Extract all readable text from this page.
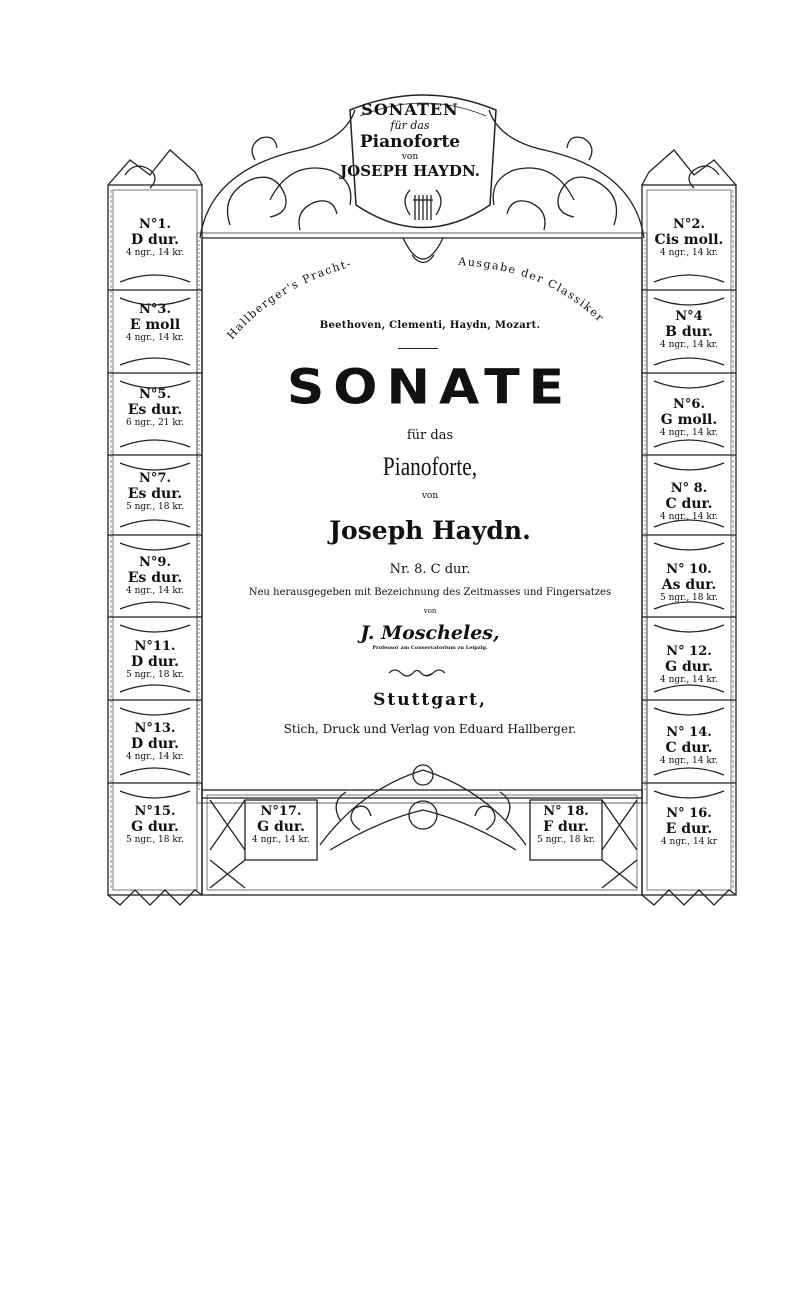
SONATEN
für das
Pianoforte
von
JOSEPH HAYDN.
Hallberger's Pracht-	Ausgabe der Classiker
N°1.
D dur.
4 ngr., 14 kr.
N°3.
E moll
4 ngr., 14 kr.
N°5.
Es dur.
6 ngr., 21 kr.
N°7.
Es dur.
5 ngr., 18 kr.
N°9.
Es dur.
4 ngr., 14 kr.
N°11.
D dur.
5 ngr., 18 kr.
N°13.
D dur.
4 ngr., 14 kr.
N°15.
G dur.
5 ngr., 18 kr.
N°2.
Cis moll.
4 ngr., 14 kr.
N°4
B dur.
4 ngr., 14 kr.
N°6.
G moll.
4 ngr., 14 kr.
N° 8.
C dur.
4 ngr., 14 kr.
N° 10.
As dur.
5 ngr., 18 kr.
N° 12.
G dur.
4 ngr., 14 kr.
N° 14.
C dur.
4 ngr., 14 kr.
N° 16.
E dur.
4 ngr., 14 kr
N°17.
G dur.
4 ngr., 14 kr.
N° 18.
F dur.
5 ngr., 18 kr.
Beethoven, Clementi, Haydn, Mozart.
SONATE
für das
Pianoforte,
von
Joseph Haydn.
Nr. 8. C dur.
Neu herausgegeben mit Bezeichnung des Zeitmasses und Fingersatzes
von
J. Moscheles,
Professor am Conservatorium zu Leipzig.
Stuttgart,
Stich, Druck und Verlag von Eduard Hallberger.
